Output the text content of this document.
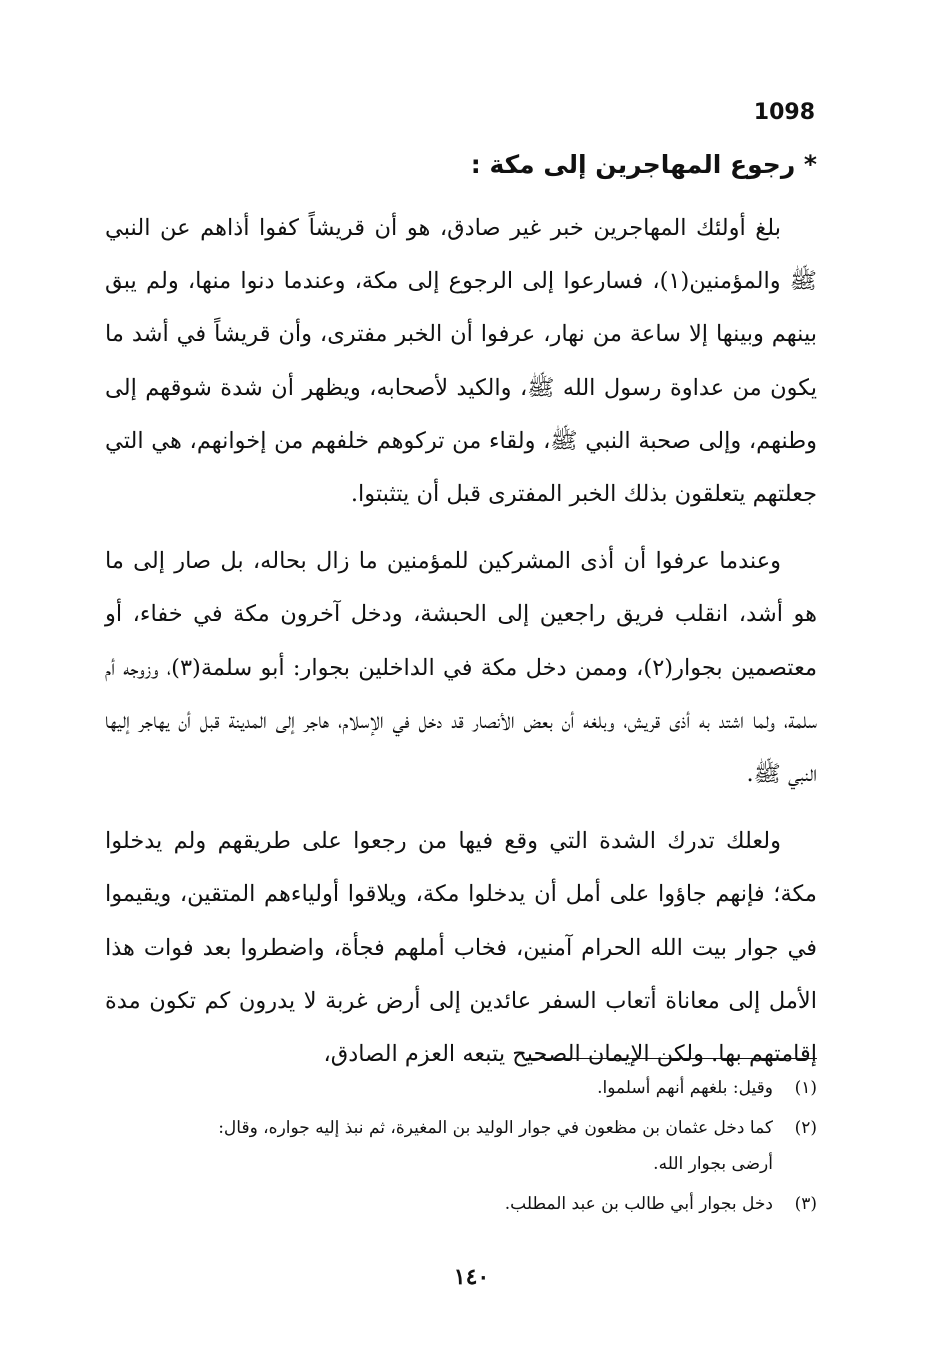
1098
* رجوع المهاجرين إلى مكة :

بلغ أولئك المهاجرين خبر غير صادق، هو أن قريشاً كفوا أذاهم عن النبي ﷺ والمؤمنين(١)، فسارعوا إلى الرجوع إلى مكة، وعندما دنوا منها، ولم يبق بينهم وبينها إلا ساعة من نهار، عرفوا أن الخبر مفترى، وأن قريشاً في أشد ما يكون من عداوة رسول الله ﷺ، والكيد لأصحابه، ويظهر أن شدة شوقهم إلى وطنهم، وإلى صحبة النبي ﷺ، ولقاء من تركوهم خلفهم من إخوانهم، هي التي جعلتهم يتعلقون بذلك الخبر المفترى قبل أن يتثبتوا.

وعندما عرفوا أن أذى المشركين للمؤمنين ما زال بحاله، بل صار إلى ما هو أشد، انقلب فريق راجعين إلى الحبشة، ودخل آخرون مكة في خفاء، أو معتصمين بجوار(٢)، وممن دخل مكة في الداخلين بجوار: أبو سلمة(٣)، وزوجه أم سلمة، ولما اشتد به أذى قريش، وبلغه أن بعض الأنصار قد دخل في الإسلام، هاجر إلى المدينة قبل أن يهاجر إليها النبي ﷺ.

ولعلك تدرك الشدة التي وقع فيها من رجعوا على طريقهم ولم يدخلوا مكة؛ فإنهم جاؤوا على أمل أن يدخلوا مكة، ويلاقوا أولياءهم المتقين، ويقيموا في جوار بيت الله الحرام آمنين، فخاب أملهم فجأة، واضطروا بعد فوات هذا الأمل إلى معاناة أتعاب السفر عائدين إلى أرض غربة لا يدرون كم تكون مدة إقامتهم بها. ولكن الإيمان الصحيح يتبعه العزم الصادق،

(١)وقيل: بلغهم أنهم أسلموا.
(٢)كما دخل عثمان بن مظعون في جوار الوليد بن المغيرة، ثم نبذ إليه جواره، وقال:
أرضى بجوار الله.
(٣)دخل بجوار أبي طالب بن عبد المطلب.
١٤٠
